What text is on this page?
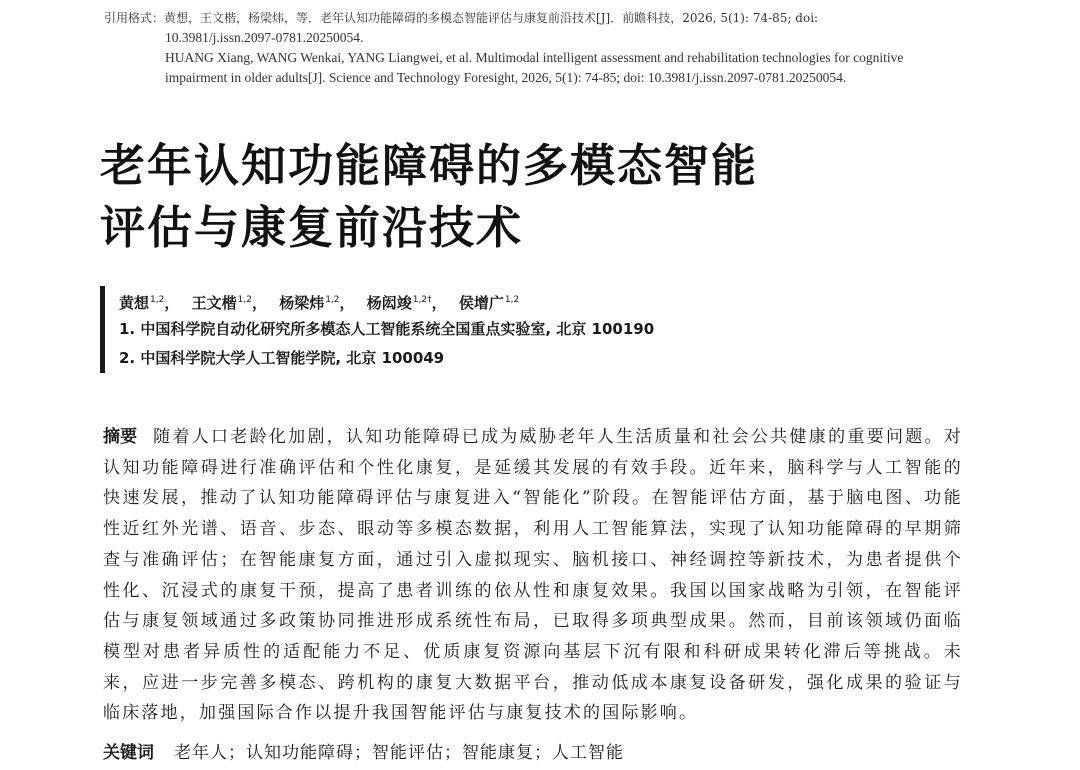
引用格式：黄想，王文楷，杨梁炜，等．老年认知功能障碍的多模态智能评估与康复前沿技术[J]．前瞻科技，2026, 5(1): 74-85; doi:
10.3981/j.issn.2097-0781.20250054.
HUANG Xiang, WANG Wenkai, YANG Liangwei, et al. Multimodal intelligent assessment and rehabilitation technologies for cognitive
impairment in older adults[J]. Science and Technology Foresight, 2026, 5(1): 74-85; doi: 10.3981/j.issn.2097-0781.20250054.
老年认知功能障碍的多模态智能
评估与康复前沿技术
黄想$^{1,2}$， 王文楷$^{1,2}$， 杨梁炜$^{1,2}$， 杨闳竣$^{1,2\dagger}$， 侯增广$^{1,2}$
1. 中国科学院自动化研究所多模态人工智能系统全国重点实验室, 北京 100190
2. 中国科学院大学人工智能学院, 北京 100049
摘要 随着人口老龄化加剧，认知功能障碍已成为威胁老年人生活质量和社会公共健康的重要问题。对认知功能障碍进行准确评估和个性化康复，是延缓其发展的有效手段。近年来，脑科学与人工智能的快速发展，推动了认知功能障碍评估与康复进入“智能化”阶段。在智能评估方面，基于脑电图、功能性近红外光谱、语音、步态、眼动等多模态数据，利用人工智能算法，实现了认知功能障碍的早期筛查与准确评估；在智能康复方面，通过引入虚拟现实、脑机接口、神经调控等新技术，为患者提供个性化、沉浸式的康复干预，提高了患者训练的依从性和康复效果。我国以国家战略为引领，在智能评估与康复领域通过多政策协同推进形成系统性布局，已取得多项典型成果。然而，目前该领域仍面临模型对患者异质性的适配能力不足、优质康复资源向基层下沉有限和科研成果转化滞后等挑战。未来，应进一步完善多模态、跨机构的康复大数据平台，推动低成本康复设备研发，强化成果的验证与临床落地，加强国际合作以提升我国智能评估与康复技术的国际影响。
关键词 老年人；认知功能障碍；智能评估；智能康复；人工智能
